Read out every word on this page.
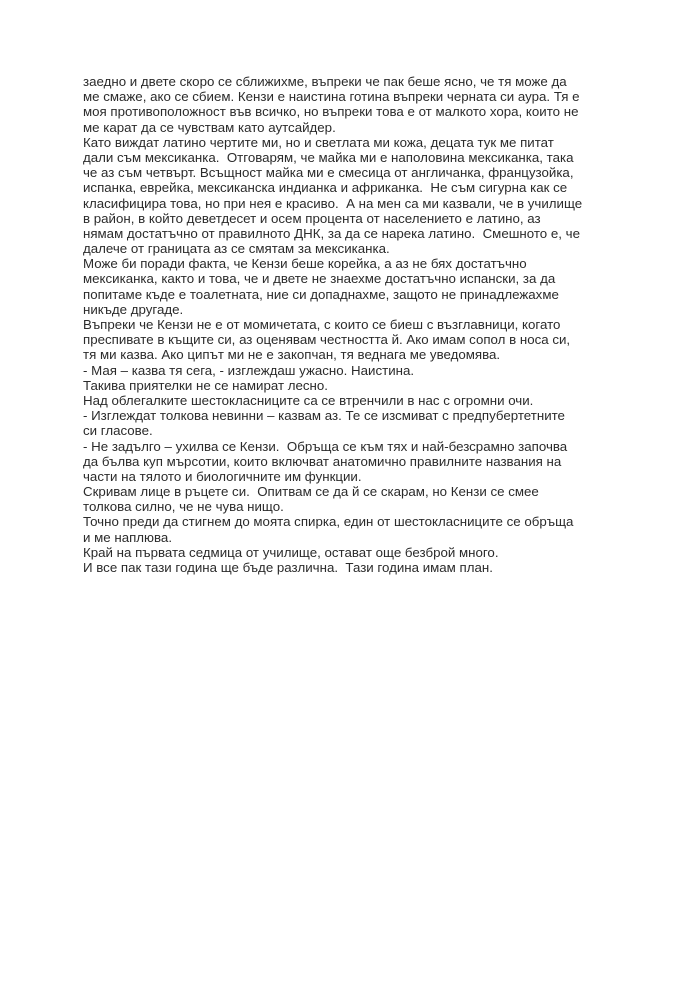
заедно и двете скоро се сближихме, въпреки че пак беше ясно, че тя може да
ме смаже, ако се сбием. Кензи е наистина готина въпреки черната си аура. Тя е
моя противоположност във всичко, но въпреки това е от малкото хора, които не
ме карат да се чувствам като аутсайдер.
Като виждат латино чертите ми, но и светлата ми кожа, децата тук ме питат
дали съм мексиканка.  Отговарям, че майка ми е наполовина мексиканка, така
че аз съм четвърт. Всъщност майка ми е смесица от англичанка, французойка,
испанка, еврейка, мексиканска индианка и африканка.  Не съм сигурна как се
класифицира това, но при нея е красиво.  А на мен са ми казвали, че в училище
в район, в който деветдесет и осем процента от населението е латино, аз
нямам достатъчно от правилното ДНК, за да се нарека латино.  Смешното е, че
далече от границата аз се смятам за мексиканка.
Може би поради факта, че Кензи беше корейка, а аз не бях достатъчно
мексиканка, както и това, че и двете не знаехме достатъчно испански, за да
попитаме къде е тоалетната, ние си допаднахме, защото не принадлежахме
никъде другаде.
Въпреки че Кензи не е от момичетата, с които се биеш с възглавници, когато
преспивате в къщите си, аз оценявам честността й. Ако имам сопол в носа си,
тя ми казва. Ако ципът ми не е закопчан, тя веднага ме уведомява.
- Мая – казва тя сега, - изглеждаш ужасно. Наистина.
Такива приятелки не се намират лесно.
Над облегалките шестокласниците са се втренчили в нас с огромни очи.
- Изглеждат толкова невинни – казвам аз. Те се изсмиват с предпубертетните
си гласове.
- Не задълго – ухилва се Кензи.  Обръща се към тях и най-безсрамно започва
да бълва куп мърсотии, които включват анатомично правилните названия на
части на тялото и биологичните им функции.
Скривам лице в ръцете си.  Опитвам се да й се скарам, но Кензи се смее
толкова силно, че не чува нищо.
Точно преди да стигнем до моята спирка, един от шестокласниците се обръща
и ме наплюва.
Край на първата седмица от училище, остават още безброй много.
И все пак тази година ще бъде различна.  Тази година имам план.
